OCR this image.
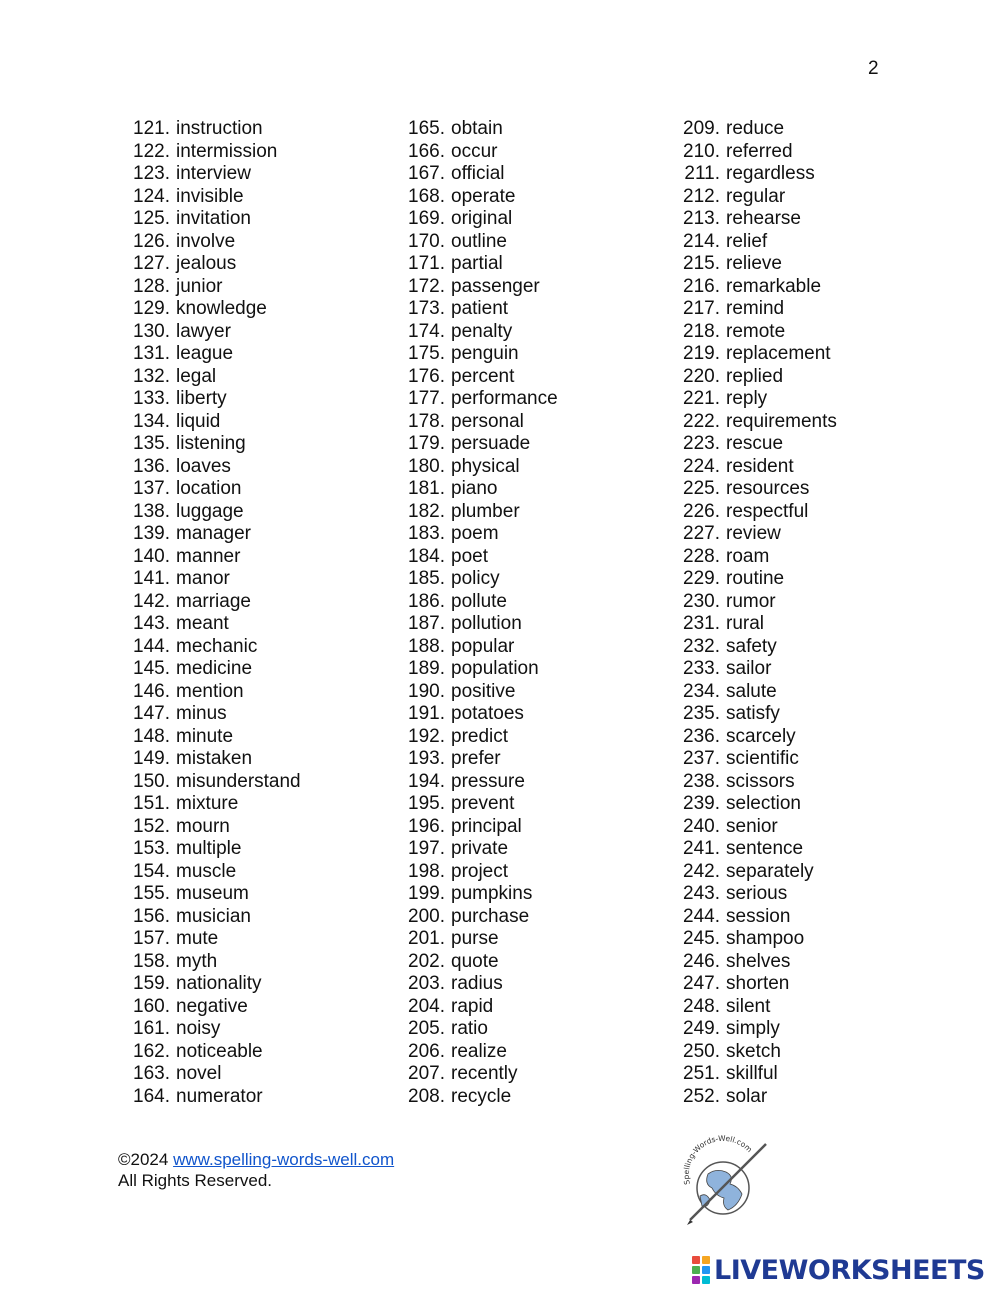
2
121. instruction
122. intermission
123. interview
124. invisible
125. invitation
126. involve
127. jealous
128. junior
129. knowledge
130. lawyer
131. league
132. legal
133. liberty
134. liquid
135. listening
136. loaves
137. location
138. luggage
139. manager
140. manner
141. manor
142. marriage
143. meant
144. mechanic
145. medicine
146. mention
147. minus
148. minute
149. mistaken
150. misunderstand
151. mixture
152. mourn
153. multiple
154. muscle
155. museum
156. musician
157. mute
158. myth
159. nationality
160. negative
161. noisy
162. noticeable
163. novel
164. numerator
165. obtain
166. occur
167. official
168. operate
169. original
170. outline
171. partial
172. passenger
173. patient
174. penalty
175. penguin
176. percent
177. performance
178. personal
179. persuade
180. physical
181. piano
182. plumber
183. poem
184. poet
185. policy
186. pollute
187. pollution
188. popular
189. population
190. positive
191. potatoes
192. predict
193. prefer
194. pressure
195. prevent
196. principal
197. private
198. project
199. pumpkins
200. purchase
201. purse
202. quote
203. radius
204. rapid
205. ratio
206. realize
207. recently
208. recycle
209. reduce
210. referred
211. regardless
212. regular
213. rehearse
214. relief
215. relieve
216. remarkable
217. remind
218. remote
219. replacement
220. replied
221. reply
222. requirements
223. rescue
224. resident
225. resources
226. respectful
227. review
228. roam
229. routine
230. rumor
231. rural
232. safety
233. sailor
234. salute
235. satisfy
236. scarcely
237. scientific
238. scissors
239. selection
240. senior
241. sentence
242. separately
243. serious
244. session
245. shampoo
246. shelves
247. shorten
248. silent
249. simply
250. sketch
251. skillful
252. solar
©2024 www.spelling-words-well.com
All Rights Reserved.	Spelling-Words-Well.com
LIVEWORKSHEETS
